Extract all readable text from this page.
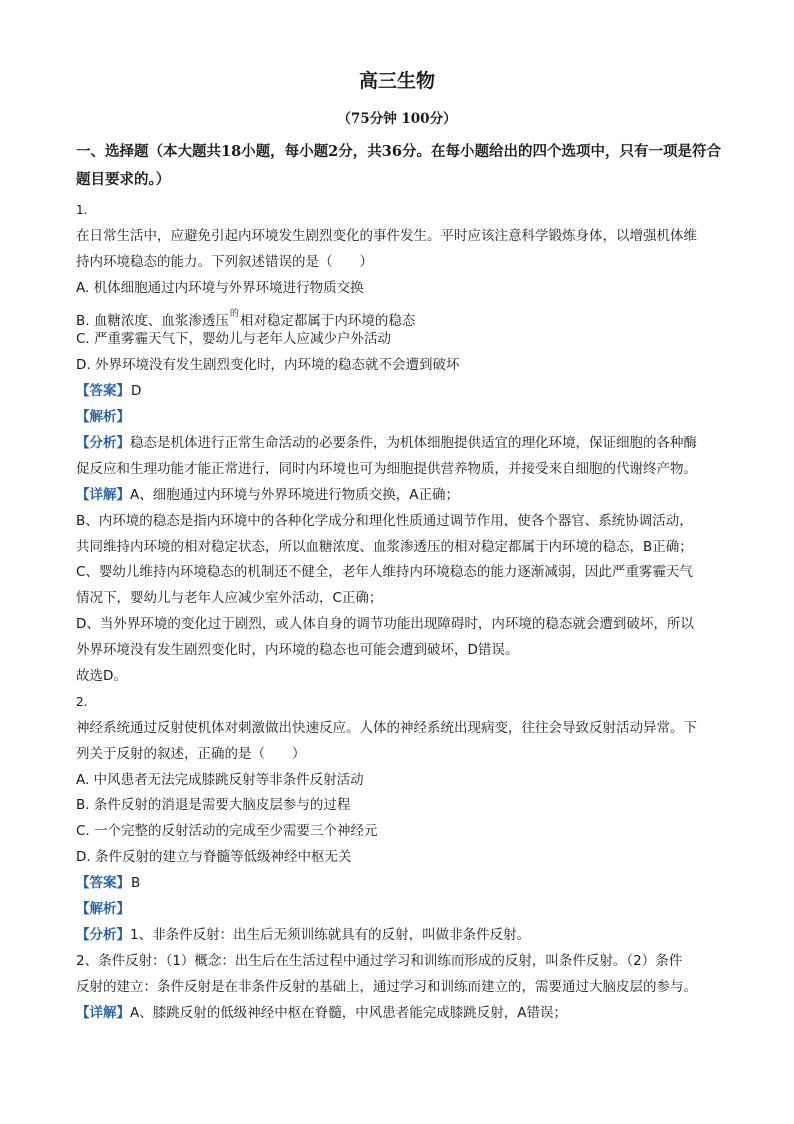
高三生物
（75分钟 100分）
一、选择题（本大题共18小题，每小题2分，共36分。在每小题给出的四个选项中，只有一项是符合题目要求的。）
1.
在日常生活中，应避免引起内环境发生剧烈变化的事件发生。平时应该注意科学锻炼身体，以增强机体维
持内环境稳态的能力。下列叙述错误的是（　　）
A. 机体细胞通过内环境与外界环境进行物质交换
B. 血糖浓度、血浆渗透压$^的$相对稳定都属于内环境的稳态
C. 严重雾霾天气下，婴幼儿与老年人应减少户外活动
D. 外界环境没有发生剧烈变化时，内环境的稳态就不会遭到破坏
【答案】D
【解析】
【分析】稳态是机体进行正常生命活动的必要条件，为机体细胞提供适宜的理化环境，保证细胞的各种酶
促反应和生理功能才能正常进行，同时内环境也可为细胞提供营养物质，并接受来自细胞的代谢终产物。
【详解】A、细胞通过内环境与外界环境进行物质交换，A正确；
B、内环境的稳态是指内环境中的各种化学成分和理化性质通过调节作用，使各个器官、系统协调活动，
共同维持内环境的相对稳定状态，所以血糖浓度、血浆渗透压的相对稳定都属于内环境的稳态，B正确；
C、婴幼儿维持内环境稳态的机制还不健全，老年人维持内环境稳态的能力逐渐减弱，因此严重雾霾天气
情况下，婴幼儿与老年人应减少室外活动，C正确；
D、当外界环境的变化过于剧烈，或人体自身的调节功能出现障碍时，内环境的稳态就会遭到破坏，所以
外界环境没有发生剧烈变化时，内环境的稳态也可能会遭到破坏，D错误。
故选D。
2.
神经系统通过反射使机体对刺激做出快速反应。人体的神经系统出现病变，往往会导致反射活动异常。下
列关于反射的叙述，正确的是（　　）
A. 中风患者无法完成膝跳反射等非条件反射活动
B. 条件反射的消退是需要大脑皮层参与的过程
C. 一个完整的反射活动的完成至少需要三个神经元
D. 条件反射的建立与脊髓等低级神经中枢无关
【答案】B
【解析】
【分析】1、非条件反射：出生后无须训练就具有的反射，叫做非条件反射。
2、条件反射：（1）概念：出生后在生活过程中通过学习和训练而形成的反射，叫条件反射。（2）条件
反射的建立：条件反射是在非条件反射的基础上，通过学习和训练而建立的，需要通过大脑皮层的参与。
【详解】A、膝跳反射的低级神经中枢在脊髓，中风患者能完成膝跳反射，A错误；
